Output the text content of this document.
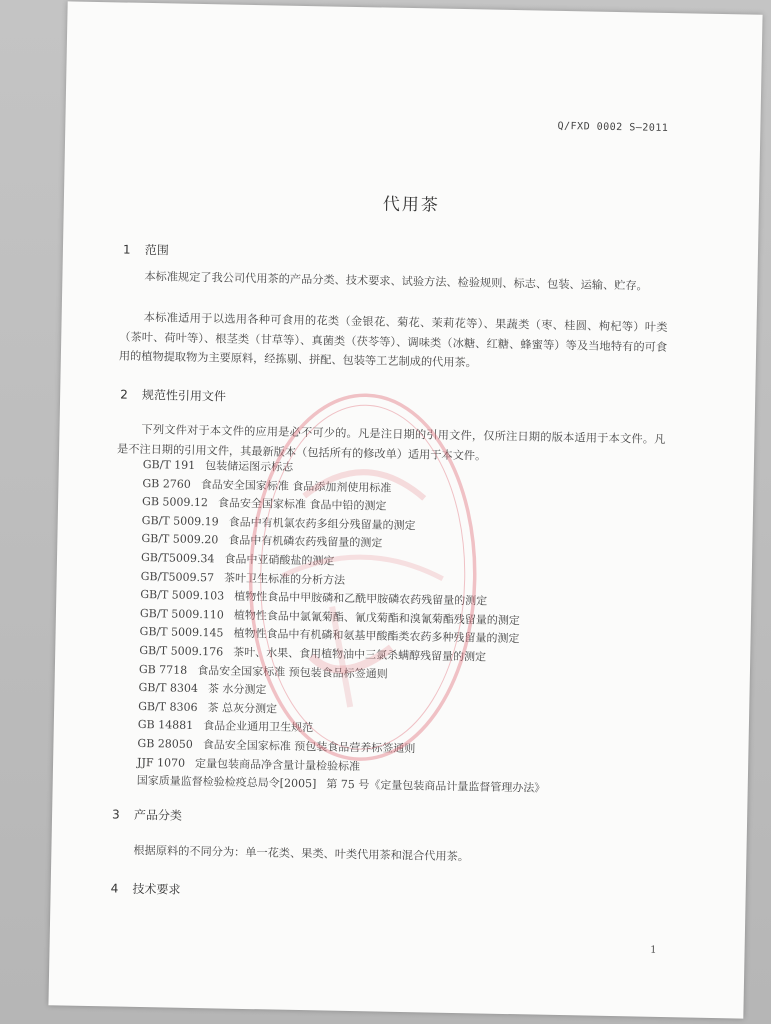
Q/FXD 0002 S—2011
代用茶
1 范围

本标准规定了我公司代用茶的产品分类、技术要求、试验方法、检验规则、标志、包装、运输、贮存。

本标准适用于以选用各种可食用的花类（金银花、菊花、茉莉花等）、果蔬类（枣、桂圆、枸杞等）叶类（茶叶、荷叶等）、根茎类（甘草等）、真菌类（茯苓等）、调味类（冰糖、红糖、蜂蜜等）等及当地特有的可食用的植物提取物为主要原料，经拣剔、拼配、包装等工艺制成的代用茶。

2 规范性引用文件

下列文件对于本文件的应用是必不可少的。凡是注日期的引用文件，仅所注日期的版本适用于本文件。凡是不注日期的引用文件，其最新版本（包括所有的修改单）适用于本文件。

GB/T 191 包装储运图示标志
GB 2760 食品安全国家标准 食品添加剂使用标准
GB 5009.12 食品安全国家标准 食品中铅的测定
GB/T 5009.19 食品中有机氯农药多组分残留量的测定
GB/T 5009.20 食品中有机磷农药残留量的测定
GB/T5009.34 食品中亚硝酸盐的测定
GB/T5009.57 茶叶卫生标准的分析方法
GB/T 5009.103 植物性食品中甲胺磷和乙酰甲胺磷农药残留量的测定
GB/T 5009.110 植物性食品中氯氰菊酯、氰戊菊酯和溴氰菊酯残留量的测定
GB/T 5009.145 植物性食品中有机磷和氨基甲酸酯类农药多种残留量的测定
GB/T 5009.176 茶叶、水果、食用植物油中三氯杀螨醇残留量的测定
GB 7718 食品安全国家标准 预包装食品标签通则
GB/T 8304 茶 水分测定
GB/T 8306 茶 总灰分测定
GB 14881 食品企业通用卫生规范
GB 28050 食品安全国家标准 预包装食品营养标签通则
JJF 1070 定量包装商品净含量计量检验标准
国家质量监督检验检疫总局令[2005] 第 75 号《定量包装商品计量监督管理办法》
3 产品分类

根据原料的不同分为：单一花类、果类、叶类代用茶和混合代用茶。

4 技术要求
1
